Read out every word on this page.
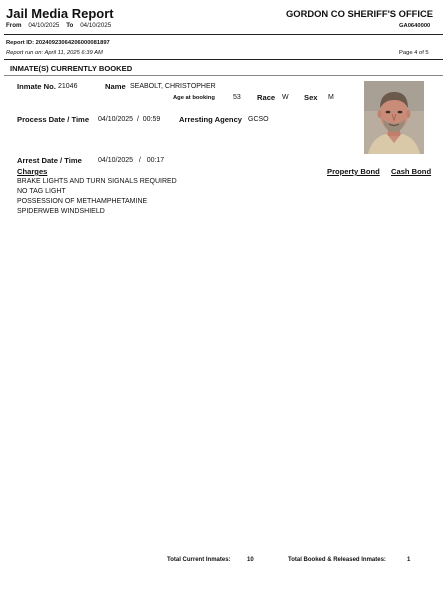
Jail Media Report
From 04/10/2025 To 04/10/2025
GORDON CO SHERIFF'S OFFICE
GA0640000
Report ID: 20240923064206000081897
Report run on: April 11, 2025 6:39 AM	Page 4 of 5
INMATE(S) CURRENTLY BOOKED
Inmate No. 21046	Name SEABOLT, CHRISTOPHER
Age at booking	53 Race W Sex M
Process Date / Time 04/10/2025 / 00:59 Arresting Agency GCSO
Arrest Date / Time 04/10/2025 / 00:17
Charges	Property Bond Cash Bond
BRAKE LIGHTS AND TURN SIGNALS REQUIRED
NO TAG LIGHT
POSSESSION OF METHAMPHETAMINE
SPIDERWEB WINDSHIELD
Total Current Inmates:	10	Total Booked & Released Inmates:	1
